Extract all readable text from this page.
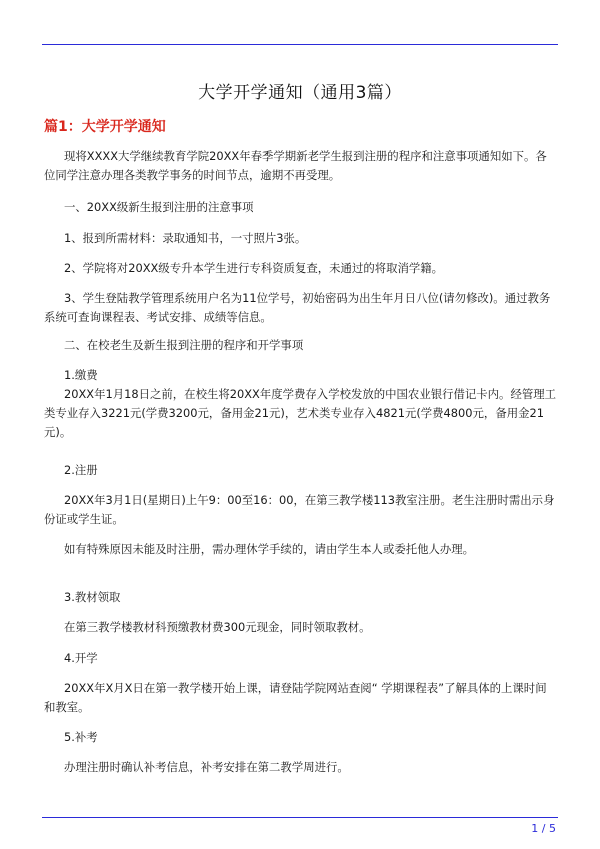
大学开学通知（通用3篇）
篇1：大学开学通知
现将XXXX大学继续教育学院20XX年春季学期新老学生报到注册的程序和注意事项通知如下。各位同学注意办理各类教学事务的时间节点，逾期不再受理。
一、20XX级新生报到注册的注意事项
1、报到所需材料：录取通知书，一寸照片3张。
2、学院将对20XX级专升本学生进行专科资质复查，未通过的将取消学籍。
3、学生登陆教学管理系统用户名为11位学号，初始密码为出生年月日八位(请勿修改)。通过教务系统可查询课程表、考试安排、成绩等信息。
二、在校老生及新生报到注册的程序和开学事项
1.缴费
20XX年1月18日之前，在校生将20XX年度学费存入学校发放的中国农业银行借记卡内。经管理工类专业存入3221元(学费3200元，备用金21元)，艺术类专业存入4821元(学费4800元，备用金21元)。
2.注册
20XX年3月1日(星期日)上午9：00至16：00，在第三教学楼113教室注册。老生注册时需出示身份证或学生证。
如有特殊原因未能及时注册，需办理休学手续的，请由学生本人或委托他人办理。
3.教材领取
在第三教学楼教材科预缴教材费300元现金，同时领取教材。
4.开学
20XX年X月X日在第一教学楼开始上课，请登陆学院网站查阅“ 学期课程表”了解具体的上课时间和教室。
5.补考
办理注册时确认补考信息，补考安排在第二教学周进行。
1 / 5
